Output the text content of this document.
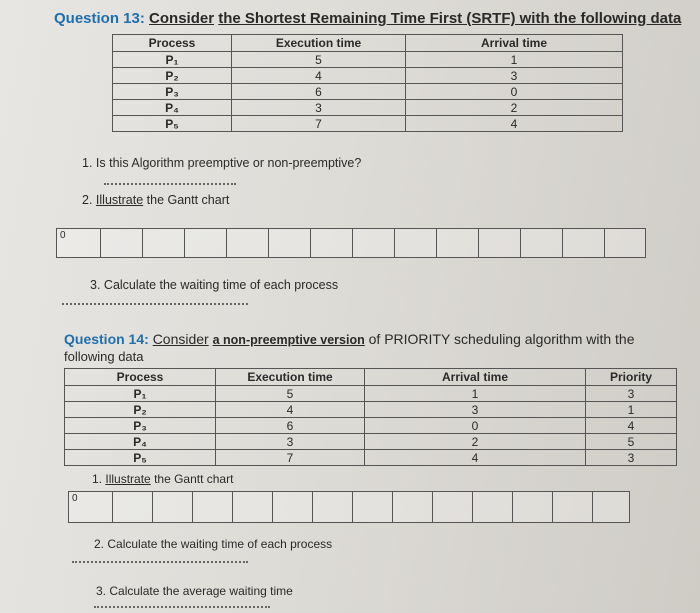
Question 13: Consider the Shortest Remaining Time First (SRTF) with the following data
Process	Execution time	Arrival time
P₁	5	1
P₂	4	3
P₃	6	0
P₄	3	2
P₅	7	4
1. Is this Algorithm preemptive or non-preemptive?
2. Illustrate the Gantt chart
0
3. Calculate the waiting time of each process
Question 14: Consider a non-preemptive version of PRIORITY scheduling algorithm with the
following data
Process	Execution time	Arrival time	Priority
P₁	5	1	3
P₂	4	3	1
P₃	6	0	4
P₄	3	2	5
P₅	7	4	3
1. Illustrate the Gantt chart
0
2. Calculate the waiting time of each process
3. Calculate the average waiting time
